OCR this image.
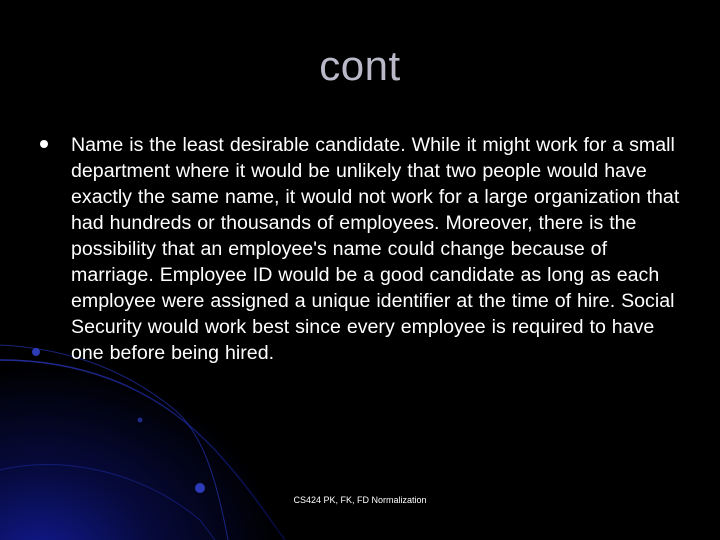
cont
Name is the least desirable candidate. While it might work for a small department where it would be unlikely that two people would have exactly the same name, it would not work for a large organization that had hundreds or thousands of employees. Moreover, there is the possibility that an employee's name could change because of marriage. Employee ID would be a good candidate as long as each employee were assigned a unique identifier at the time of hire. Social Security would work best since every employee is required to have one before being hired.
CS424 PK, FK, FD Normalization
